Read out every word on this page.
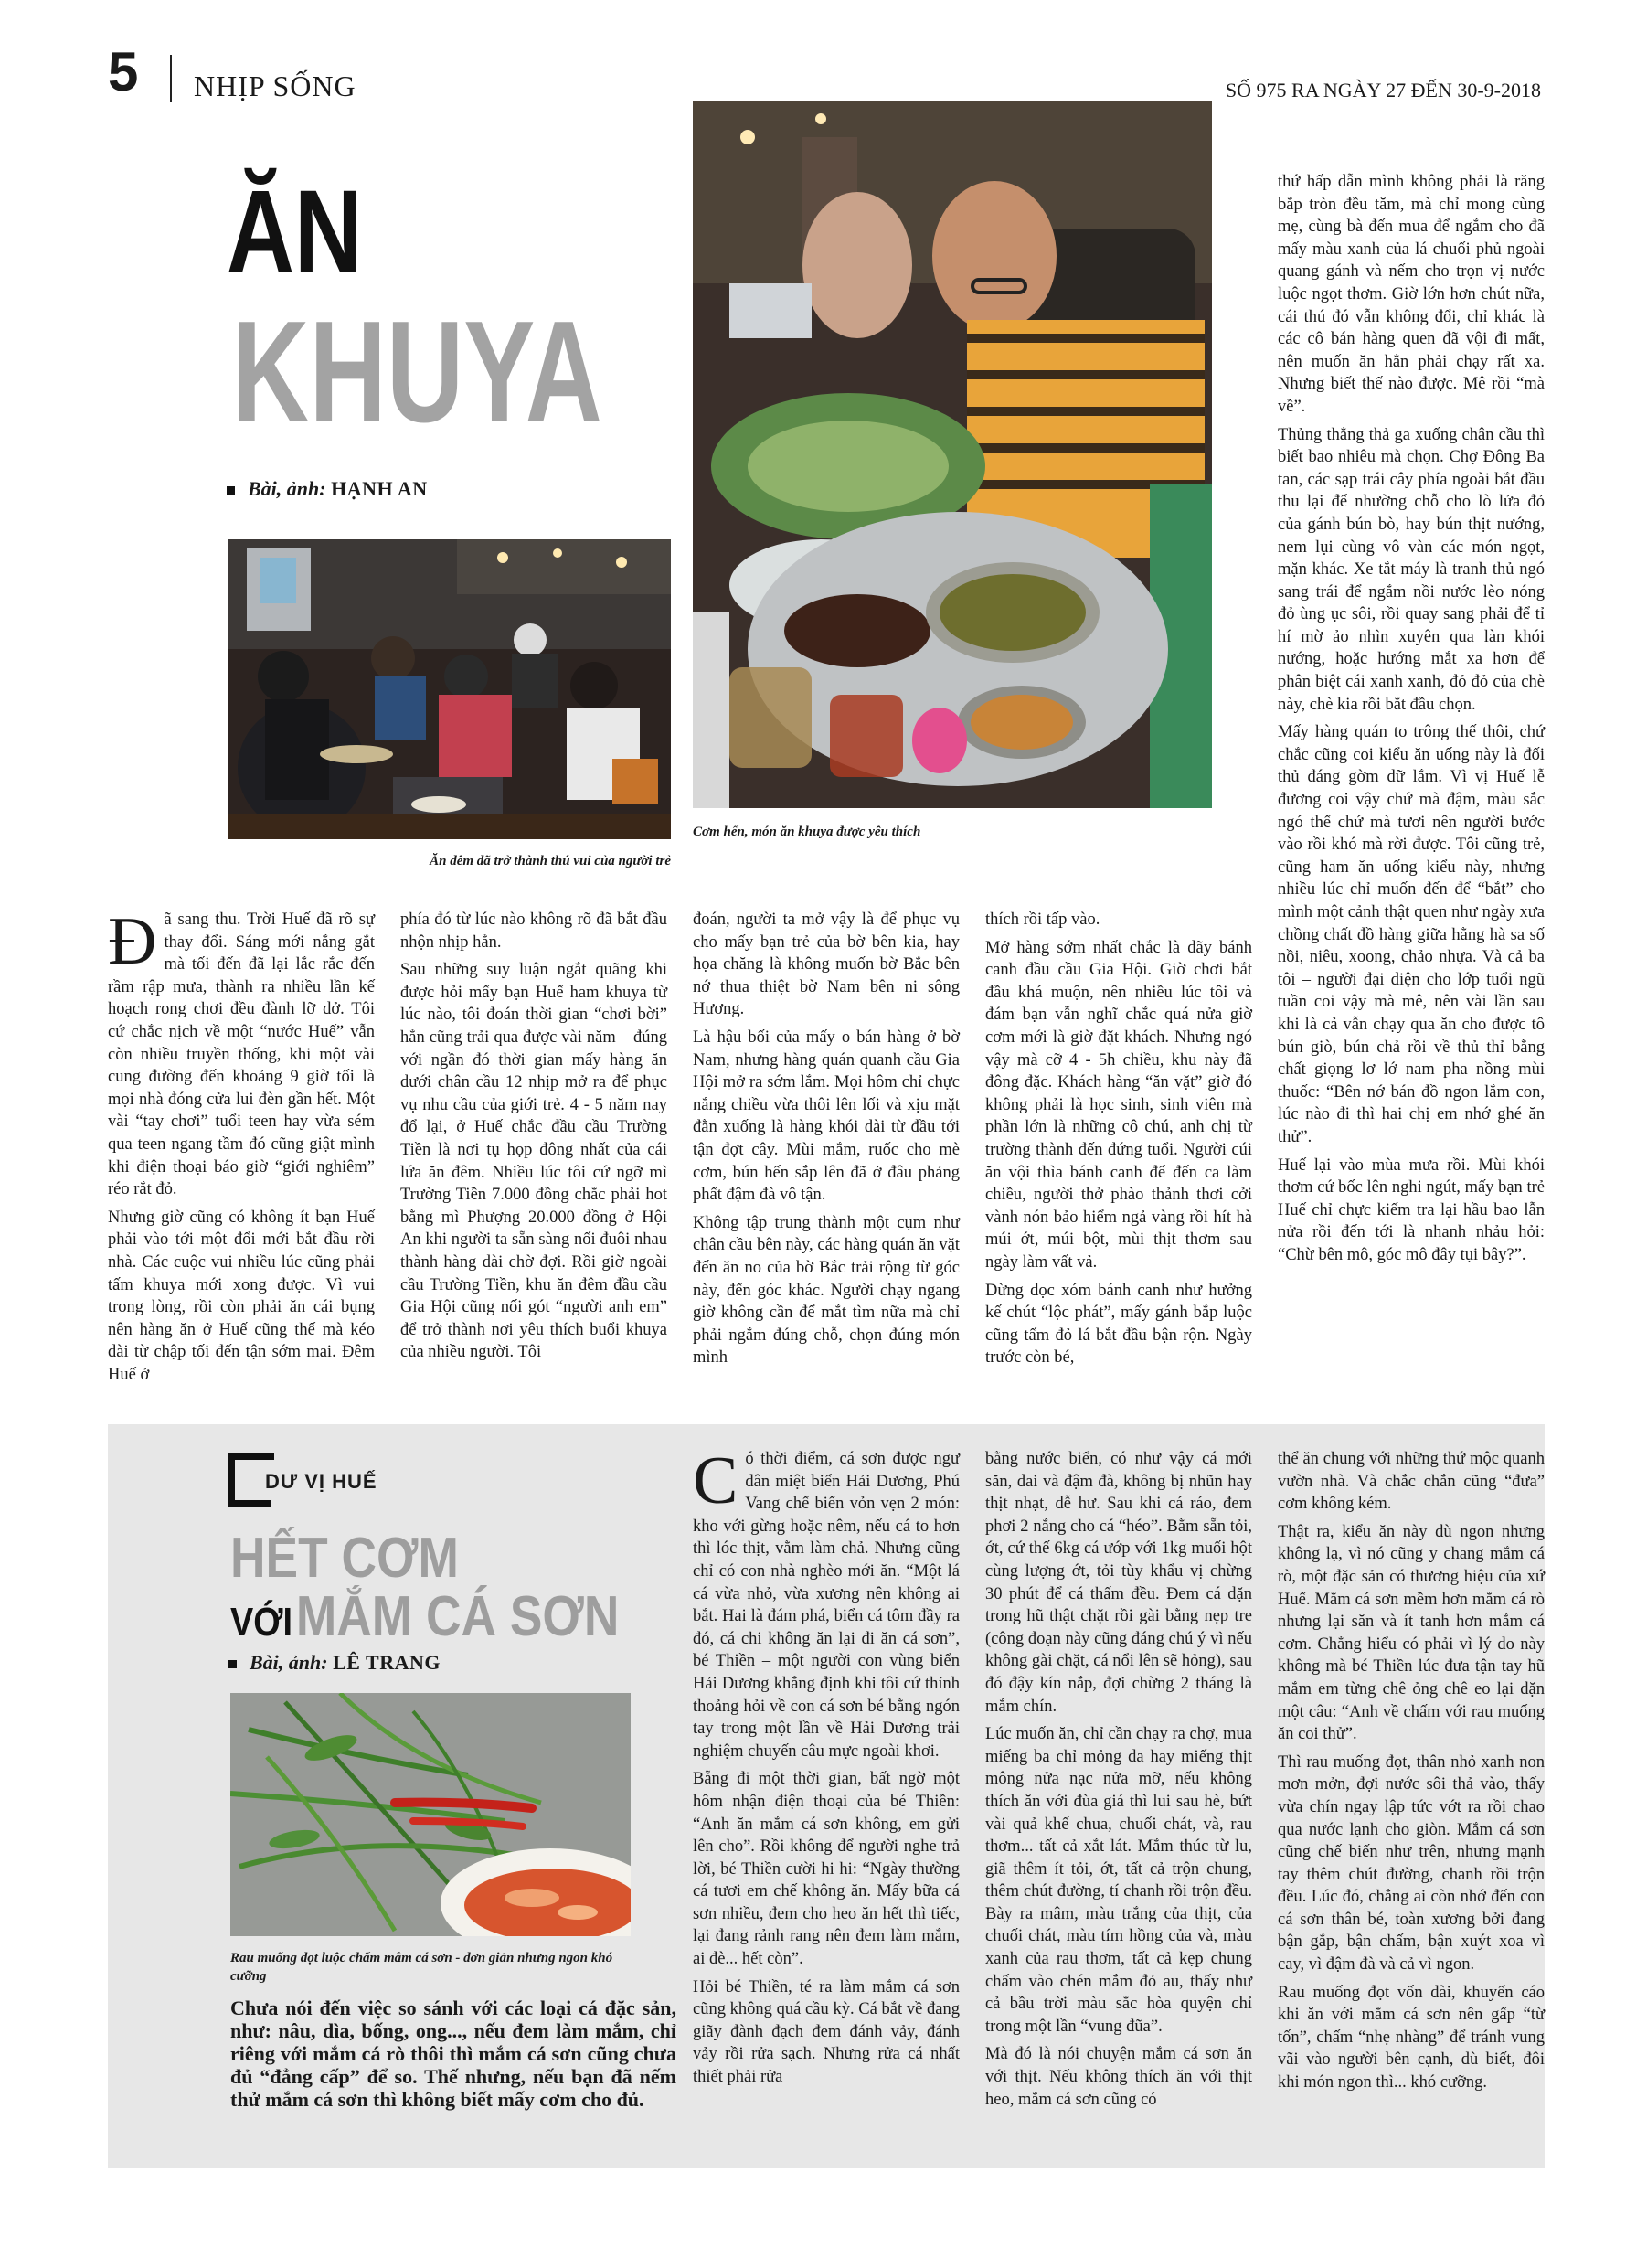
5 NHỊP SỐNG	SỐ 975 RA NGÀY 27 ĐẾN 30-9-2018
ĂN
KHUYA
Bài, ảnh: HẠNH AN
Ăn đêm đã trở thành thú vui của người trẻ
Cơm hến, món ăn khuya được yêu thích

thứ hấp dẫn mình không phải là răng bắp tròn đều tăm, mà chỉ mong cùng mẹ, cùng bà đến mua để ngắm cho đã mấy màu xanh của lá chuối phủ ngoài quang gánh và nếm cho trọn vị nước luộc ngọt thơm. Giờ lớn hơn chút nữa, cái thú đó vẫn không đổi, chỉ khác là các cô bán hàng quen đã vội đi mất, nên muốn ăn hẳn phải chạy rất xa. Nhưng biết thế nào được. Mê rồi “mà về”.

Thủng thẳng thả ga xuống chân cầu thì biết bao nhiêu mà chọn. Chợ Đông Ba tan, các sạp trái cây phía ngoài bắt đầu thu lại để nhường chỗ cho lò lửa đỏ của gánh bún bò, hay bún thịt nướng, nem lụi cùng vô vàn các món ngọt, mặn khác. Xe tắt máy là tranh thủ ngó sang trái để ngắm nồi nước lèo nóng đỏ ùng ục sôi, rồi quay sang phải để tỉ hí mờ ảo nhìn xuyên qua làn khói nướng, hoặc hướng mắt xa hơn để phân biệt cái xanh xanh, đỏ đỏ của chè này, chè kia rồi bắt đầu chọn.

Mấy hàng quán to trông thế thôi, chứ chắc cũng coi kiểu ăn uống này là đối thủ đáng gờm dữ lắm. Vì vị Huế lễ đương coi vậy chứ mà đậm, màu sắc ngó thế chứ mà tươi nên người bước vào rồi khó mà rời được. Tôi cũng trẻ, cũng ham ăn uống kiểu này, nhưng nhiều lúc chỉ muốn đến để “bắt” cho mình một cảnh thật quen như ngày xưa chồng chất đồ hàng giữa hằng hà sa số nồi, niêu, xoong, chảo nhựa. Và cả ba tôi – người đại diện cho lớp tuổi ngũ tuần coi vậy mà mê, nên vài lần sau khi là cả vẫn chạy qua ăn cho được tô bún giò, bún chả rồi về thủ thỉ bằng chất giọng lơ lớ nam pha nồng mùi thuốc: “Bên nớ bán đồ ngon lắm con, lúc nào đi thì hai chị em nhớ ghé ăn thử”.

Huế lại vào mùa mưa rồi. Mùi khói thơm cứ bốc lên nghi ngút, mấy bạn trẻ Huế chỉ chực kiếm tra lại hầu bao lẫn nửa rồi đến tới là nhanh nhảu hỏi: “Chừ bên mô, góc mô đây tụi bây?”.

Đã sang thu. Trời Huế đã rõ sự thay đổi. Sáng mới nắng gắt mà tối đến đã lại lắc rắc đến rầm rập mưa, thành ra nhiều lần kế hoạch rong chơi đều đành lỡ dở. Tôi cứ chắc nịch về một “nước Huế” vẫn còn nhiều truyền thống, khi một vài cung đường đến khoảng 9 giờ tối là mọi nhà đóng cửa lui đèn gần hết. Một vài “tay chơi” tuổi teen hay vừa sém qua teen ngang tầm đó cũng giật mình khi điện thoại báo giờ “giới nghiêm” réo rắt đỏ.

Nhưng giờ cũng có không ít bạn Huế phải vào tới một đổi mới bắt đầu rời nhà. Các cuộc vui nhiều lúc cũng phải tấm khuya mới xong được. Vì vui trong lòng, rồi còn phải ăn cái bụng nên hàng ăn ở Huế cũng thế mà kéo dài từ chập tối đến tận sớm mai. Đêm Huế ở

phía đó từ lúc nào không rõ đã bắt đầu nhộn nhịp hẳn.

Sau những suy luận ngắt quãng khi được hỏi mấy bạn Huế ham khuya từ lúc nào, tôi đoán thời gian “chơi bời” hẳn cũng trải qua được vài năm – đúng với ngần đó thời gian mấy hàng ăn dưới chân cầu 12 nhịp mở ra để phục vụ nhu cầu của giới trẻ. 4 - 5 năm nay đổ lại, ở Huế chắc đầu cầu Trường Tiền là nơi tụ họp đông nhất của cái lứa ăn đêm. Nhiều lúc tôi cứ ngỡ mì Trường Tiền 7.000 đồng chắc phải hot bằng mì Phượng 20.000 đồng ở Hội An khi người ta sẵn sàng nối đuôi nhau thành hàng dài chờ đợi. Rồi giờ ngoài cầu Trường Tiền, khu ăn đêm đầu cầu Gia Hội cũng nối gót “người anh em” để trở thành nơi yêu thích buổi khuya của nhiều người. Tôi

đoán, người ta mở vậy là để phục vụ cho mấy bạn trẻ của bờ bên kia, hay họa chăng là không muốn bờ Bắc bên nớ thua thiệt bờ Nam bên ni sông Hương.

Là hậu bối của mấy o bán hàng ở bờ Nam, nhưng hàng quán quanh cầu Gia Hội mở ra sớm lắm. Mọi hôm chỉ chực nắng chiều vừa thôi lên lối và xịu mặt đằn xuống là hàng khói dài từ đầu tới tận đợt cây. Mùi mắm, ruốc cho mè cơm, bún hến sắp lên đã ở đâu phảng phất đậm đà vô tận.

Không tập trung thành một cụm như chân cầu bên này, các hàng quán ăn vặt đến ăn no của bờ Bắc trải rộng từ góc này, đến góc khác. Người chạy ngang giờ không cần để mắt tìm nữa mà chỉ phải ngắm đúng chỗ, chọn đúng món mình

thích rồi tấp vào.

Mở hàng sớm nhất chắc là dãy bánh canh đầu cầu Gia Hội. Giờ chơi bắt đầu khá muộn, nên nhiều lúc tôi và đám bạn vẫn nghĩ chắc quá nửa giờ cơm mới là giờ đặt khách. Nhưng ngó vậy mà cỡ 4 - 5h chiều, khu này đã đông đặc. Khách hàng “ăn vặt” giờ đó không phải là học sinh, sinh viên mà phần lớn là những cô chú, anh chị từ trường thành đến đứng tuổi. Người cúi ăn vội thìa bánh canh để đến ca làm chiều, người thở phào thảnh thơi cởi vành nón bảo hiểm ngả vàng rồi hít hà múi ớt, múi bột, mùi thịt thơm sau ngày làm vất vả.

Dừng dọc xóm bánh canh như hưởng kế chút “lộc phát”, mấy gánh bắp luộc cũng tấm đỏ lá bắt đầu bận rộn. Ngày trước còn bé,

DƯ VỊ HUẾ
HẾT CƠM
VỚI MẮM CÁ SƠN
Bài, ảnh: LÊ TRANG
Rau muống đọt luộc chấm mắm cá sơn - đơn giản nhưng ngon khó cưỡng
Chưa nói đến việc so sánh với các loại cá đặc sản, như: nâu, dìa, bống, ong..., nếu đem làm mắm, chỉ riêng với mắm cá rò thôi thì mắm cá sơn cũng chưa đủ “đẳng cấp” để so. Thế nhưng, nếu bạn đã nếm thử mắm cá sơn thì không biết mấy cơm cho đủ.

Có thời điểm, cá sơn được ngư dân miệt biển Hải Dương, Phú Vang chế biến vỏn vẹn 2 món: kho với gừng hoặc nêm, nếu cá to hơn thì lóc thịt, vằm làm chả. Nhưng cũng chỉ có con nhà nghèo mới ăn. “Một lá cá vừa nhỏ, vừa xương nên không ai bắt. Hai là đám phá, biển cá tôm đầy ra đó, cá chi không ăn lại đi ăn cá sơn”, bé Thiền – một người con vùng biển Hải Dương khẳng định khi tôi cứ thỉnh thoảng hỏi về con cá sơn bé bằng ngón tay trong một lần về Hải Dương trải nghiệm chuyến câu mực ngoài khơi.

Bẵng đi một thời gian, bất ngờ một hôm nhận điện thoại của bé Thiền: “Anh ăn mắm cá sơn không, em gửi lên cho”. Rồi không để người nghe trả lời, bé Thiền cười hi hi: “Ngày thường cá tươi em chế không ăn. Mấy bữa cá sơn nhiều, đem cho heo ăn hết thì tiếc, lại đang rảnh rang nên đem làm mắm, ai đè... hết còn”.

Hỏi bé Thiền, té ra làm mắm cá sơn cũng không quá cầu kỳ. Cá bắt về đang giãy đành đạch đem đánh vảy, đánh vảy rồi rửa sạch. Nhưng rửa cá nhất thiết phải rửa

bằng nước biển, có như vậy cá mới săn, dai và đậm đà, không bị nhũn hay thịt nhạt, dễ hư. Sau khi cá ráo, đem phơi 2 nắng cho cá “héo”. Bằm sẵn tỏi, ớt, cứ thế 6kg cá ướp với 1kg muối hột cùng lượng ớt, tỏi tùy khẩu vị chừng 30 phút để cá thấm đều. Đem cá dặn trong hũ thật chặt rồi gài bằng nẹp tre (công đoạn này cũng đáng chú ý vì nếu không gài chặt, cá nổi lên sẽ hỏng), sau đó đậy kín nắp, đợi chừng 2 tháng là mắm chín.

Lúc muốn ăn, chỉ cần chạy ra chợ, mua miếng ba chỉ mỏng da hay miếng thịt mông nửa nạc nửa mỡ, nếu không thích ăn với đùa giá thì lui sau hè, bứt vài quả khế chua, chuối chát, và, rau thơm... tất cả xắt lát. Mắm thúc từ lu, giã thêm ít tỏi, ớt, tất cả trộn chung, thêm chút đường, tí chanh rồi trộn đều. Bày ra mâm, màu trắng của thịt, của chuối chát, màu tím hồng của và, màu xanh của rau thơm, tất cả kẹp chung chấm vào chén mắm đỏ au, thấy như cả bầu trời màu sắc hòa quyện chỉ trong một lần “vung đũa”.

Mà đó là nói chuyện mắm cá sơn ăn với thịt. Nếu không thích ăn với thịt heo, mắm cá sơn cũng có

thể ăn chung với những thứ mộc quanh vườn nhà. Và chắc chắn cũng “đưa” cơm không kém.

Thật ra, kiểu ăn này dù ngon nhưng không lạ, vì nó cũng y chang mắm cá rò, một đặc sản có thương hiệu của xứ Huế. Mắm cá sơn mềm hơn mắm cá rò nhưng lại săn và ít tanh hơn mắm cá cơm. Chẳng hiểu có phải vì lý do này không mà bé Thiền lúc đưa tận tay hũ mắm em từng chê ỏng chê eo lại dặn một câu: “Anh về chấm với rau muống ăn coi thử”.

Thì rau muống đọt, thân nhỏ xanh non mơn mởn, đợi nước sôi thả vào, thấy vừa chín ngay lập tức vớt ra rồi chao qua nước lạnh cho giòn. Mắm cá sơn cũng chế biến như trên, nhưng mạnh tay thêm chút đường, chanh rồi trộn đều. Lúc đó, chẳng ai còn nhớ đến con cá sơn thân bé, toàn xương bởi đang bận gắp, bận chấm, bận xuýt xoa vì cay, vì đậm đà và cả vì ngon.

Rau muống đọt vốn dài, khuyến cáo khi ăn với mắm cá sơn nên gấp “từ tốn”, chấm “nhẹ nhàng” để tránh vung vãi vào người bên cạnh, dù biết, đôi khi món ngon thì... khó cưỡng.
